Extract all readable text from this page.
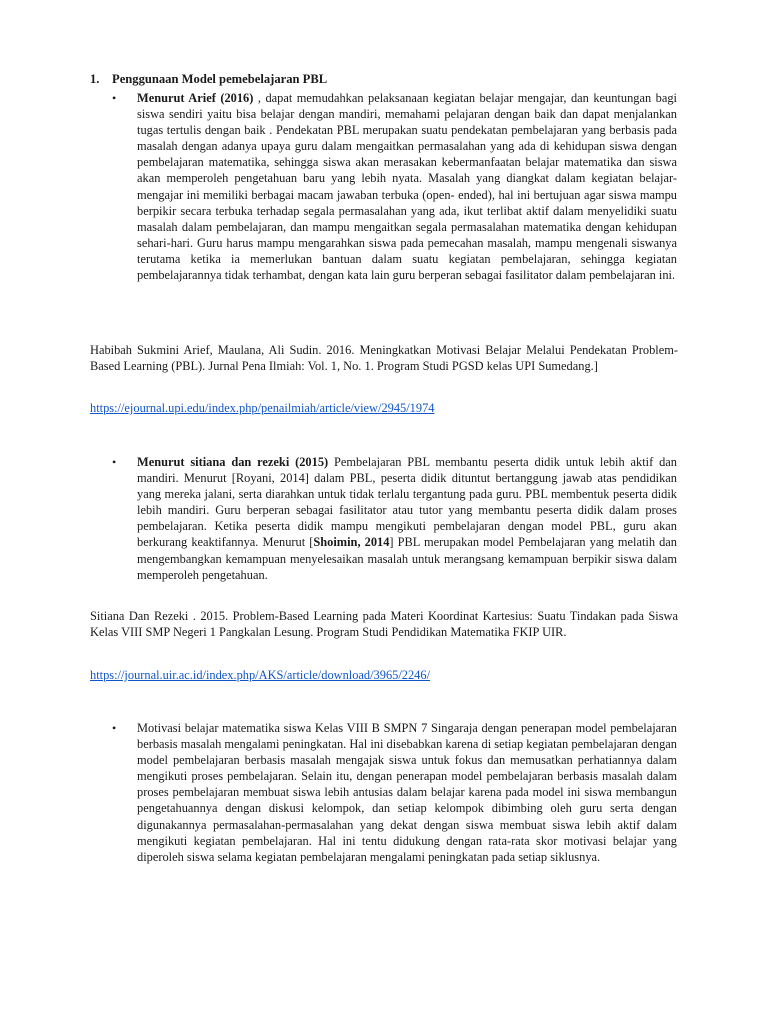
1. Penggunaan Model pemebelajaran PBL
• Menurut Arief (2016) , dapat memudahkan pelaksanaan kegiatan belajar mengajar, dan keuntungan bagi siswa sendiri yaitu bisa belajar dengan mandiri, memahami pelajaran dengan baik dan dapat menjalankan tugas tertulis dengan baik . Pendekatan PBL merupakan suatu pendekatan pembelajaran yang berbasis pada masalah dengan adanya upaya guru dalam mengaitkan permasalahan yang ada di kehidupan siswa dengan pembelajaran matematika, sehingga siswa akan merasakan kebermanfaatan belajar matematika dan siswa akan memperoleh pengetahuan baru yang lebih nyata. Masalah yang diangkat dalam kegiatan belajar-mengajar ini memiliki berbagai macam jawaban terbuka (open- ended), hal ini bertujuan agar siswa mampu berpikir secara terbuka terhadap segala permasalahan yang ada, ikut terlibat aktif dalam menyelidiki suatu masalah dalam pembelajaran, dan mampu mengaitkan segala permasalahan matematika dengan kehidupan sehari-hari. Guru harus mampu mengarahkan siswa pada pemecahan masalah, mampu mengenali siswanya terutama ketika ia memerlukan bantuan dalam suatu kegiatan pembelajaran, sehingga kegiatan pembelajarannya tidak terhambat, dengan kata lain guru berperan sebagai fasilitator dalam pembelajaran ini.

Habibah Sukmini Arief, Maulana, Ali Sudin. 2016. Meningkatkan Motivasi Belajar Melalui Pendekatan Problem-Based Learning (PBL). Jurnal Pena Ilmiah: Vol. 1, No. 1. Program Studi PGSD kelas UPI Sumedang.]

https://ejournal.upi.edu/index.php/penailmiah/article/view/2945/1974
• Menurut sitiana dan rezeki (2015) Pembelajaran PBL membantu peserta didik untuk lebih aktif dan mandiri. Menurut [Royani, 2014] dalam PBL, peserta didik dituntut bertanggung jawab atas pendidikan yang mereka jalani, serta diarahkan untuk tidak terlalu tergantung pada guru. PBL membentuk peserta didik lebih mandiri. Guru berperan sebagai fasilitator atau tutor yang membantu peserta didik dalam proses pembelajaran. Ketika peserta didik mampu mengikuti pembelajaran dengan model PBL, guru akan berkurang keaktifannya. Menurut [Shoimin, 2014] PBL merupakan model Pembelajaran yang melatih dan mengembangkan kemampuan menyelesaikan masalah untuk merangsang kemampuan berpikir siswa dalam memperoleh pengetahuan.

Sitiana Dan Rezeki . 2015. Problem-Based Learning pada Materi Koordinat Kartesius: Suatu Tindakan pada Siswa Kelas VIII SMP Negeri 1 Pangkalan Lesung. Program Studi Pendidikan Matematika FKIP UIR.

https://journal.uir.ac.id/index.php/AKS/article/download/3965/2246/
• Motivasi belajar matematika siswa Kelas VIII B SMPN 7 Singaraja dengan penerapan model pembelajaran berbasis masalah mengalami peningkatan. Hal ini disebabkan karena di setiap kegiatan pembelajaran dengan model pembelajaran berbasis masalah mengajak siswa untuk fokus dan memusatkan perhatiannya dalam mengikuti proses pembelajaran. Selain itu, dengan penerapan model pembelajaran berbasis masalah dalam proses pembelajaran membuat siswa lebih antusias dalam belajar karena pada model ini siswa membangun pengetahuannya dengan diskusi kelompok, dan setiap kelompok dibimbing oleh guru serta dengan digunakannya permasalahan-permasalahan yang dekat dengan siswa membuat siswa lebih aktif dalam mengikuti kegiatan pembelajaran. Hal ini tentu didukung dengan rata-rata skor motivasi belajar yang diperoleh siswa selama kegiatan pembelajaran mengalami peningkatan pada setiap siklusnya.
